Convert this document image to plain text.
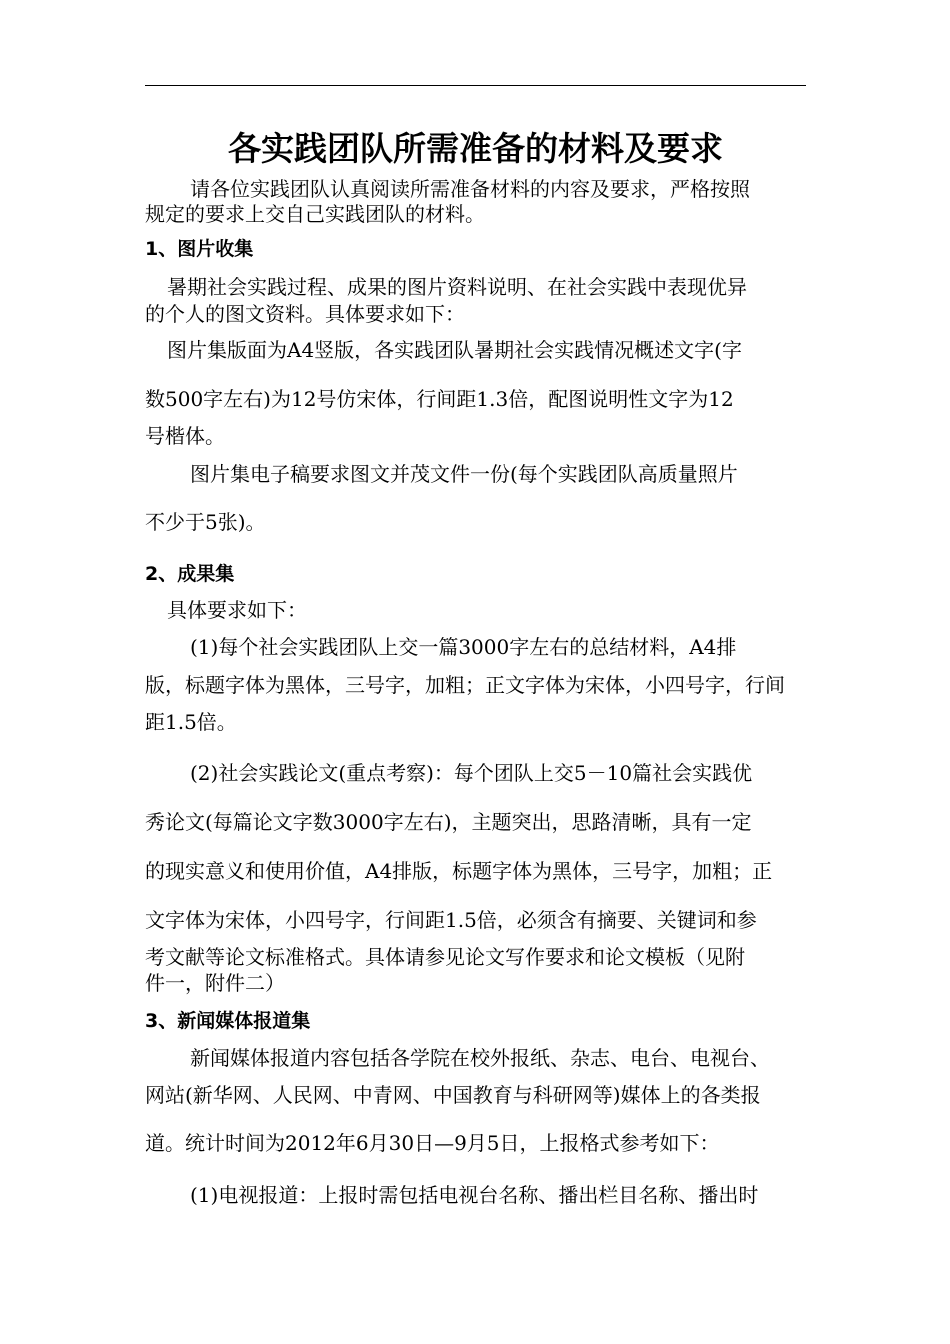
各实践团队所需准备的材料及要求
请各位实践团队认真阅读所需准备材料的内容及要求，严格按照
规定的要求上交自己实践团队的材料。
1、图片收集
暑期社会实践过程、成果的图片资料说明、在社会实践中表现优异
的个人的图文资料。具体要求如下：
图片集版面为A4竖版，各实践团队暑期社会实践情况概述文字(字
数500字左右)为12号仿宋体，行间距1.3倍，配图说明性文字为12
号楷体。
图片集电子稿要求图文并茂文件一份(每个实践团队高质量照片
不少于5张)。
2、成果集
具体要求如下：
(1)每个社会实践团队上交一篇3000字左右的总结材料，A4排
版，标题字体为黑体，三号字，加粗；正文字体为宋体，小四号字，行间
距1.5倍。
(2)社会实践论文(重点考察)：每个团队上交5－10篇社会实践优
秀论文(每篇论文字数3000字左右)，主题突出，思路清晰，具有一定
的现实意义和使用价值，A4排版，标题字体为黑体，三号字，加粗；正
文字体为宋体，小四号字，行间距1.5倍，必须含有摘要、关键词和参
考文献等论文标准格式。具体请参见论文写作要求和论文模板（见附
件一，附件二）
3、新闻媒体报道集
新闻媒体报道内容包括各学院在校外报纸、杂志、电台、电视台、
网站(新华网、人民网、中青网、中国教育与科研网等)媒体上的各类报
道。统计时间为2012年6月30日—9月5日，上报格式参考如下：
(1)电视报道：上报时需包括电视台名称、播出栏目名称、播出时
